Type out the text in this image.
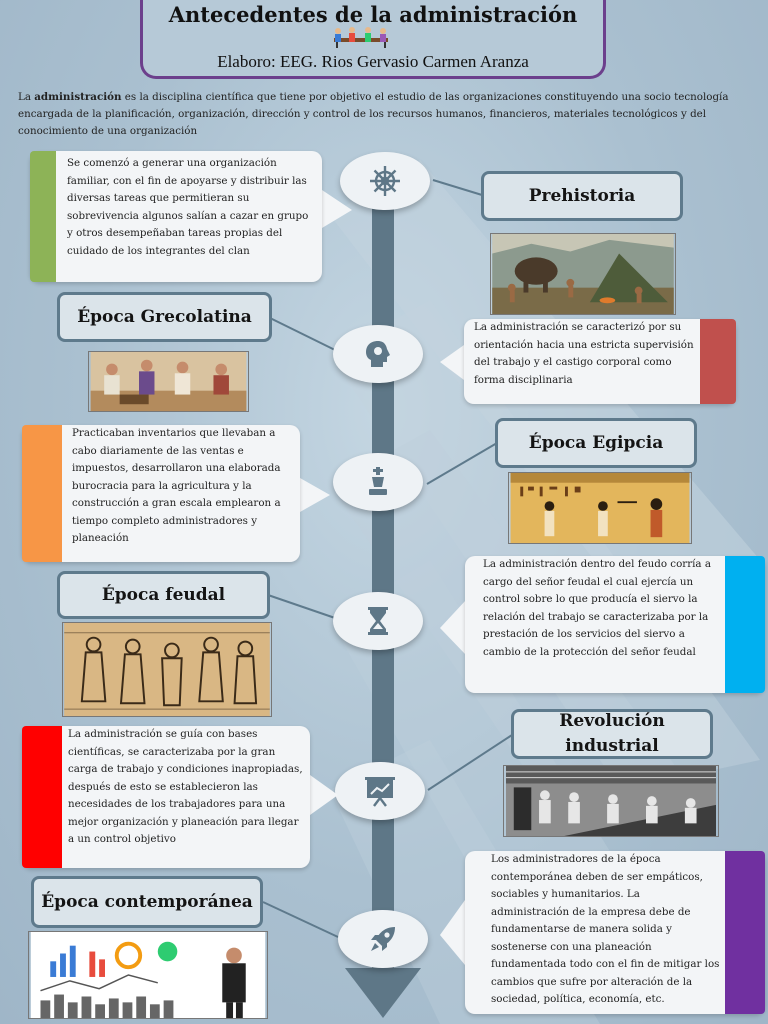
Antecedentes de la administración
Elaboro: EEG. Rios Gervasio Carmen Aranza
La administración es la disciplina científica que tiene por objetivo el estudio de las organizaciones constituyendo una socio tecnología encargada de la planificación, organización, dirección y control de los recursos humanos, financieros, materiales tecnológicos y del conocimiento de una organización
Se comenzó a generar una organización familiar, con el fin de apoyarse y distribuir las diversas tareas que permitieran su sobrevivencia algunos salían a cazar en grupo y otros desempeñaban tareas propias del cuidado de los integrantes del clan
Prehistoria
Época Grecolatina
La administración se caracterizó por su orientación hacia una estricta supervisión del trabajo y el castigo corporal como forma disciplinaria
Practicaban inventarios que llevaban a cabo diariamente de las ventas e impuestos, desarrollaron una elaborada burocracia para la agricultura y la construcción a gran escala emplearon a tiempo completo administradores y planeación
Época Egipcia
Época feudal
La administración dentro del feudo corría a cargo del señor feudal el cual ejercía un control sobre lo que producía el siervo la relación del trabajo se caracterizaba por la prestación de los servicios del siervo a cambio de la protección del señor feudal
La administración se guía con bases científicas, se caracterizaba por la gran carga de trabajo y condiciones inapropiadas, después de esto se establecieron las necesidades de los trabajadores para una mejor organización y planeación para llegar a un control objetivo
Revolución industrial
Época contemporánea
Los administradores de la época contemporánea deben de ser empáticos, sociables y humanitarios. La administración de la empresa debe de fundamentarse de manera solida y sostenerse con una planeación fundamentada todo con el fin de mitigar los cambios que sufre por alteración de la sociedad, política, economía, etc.
